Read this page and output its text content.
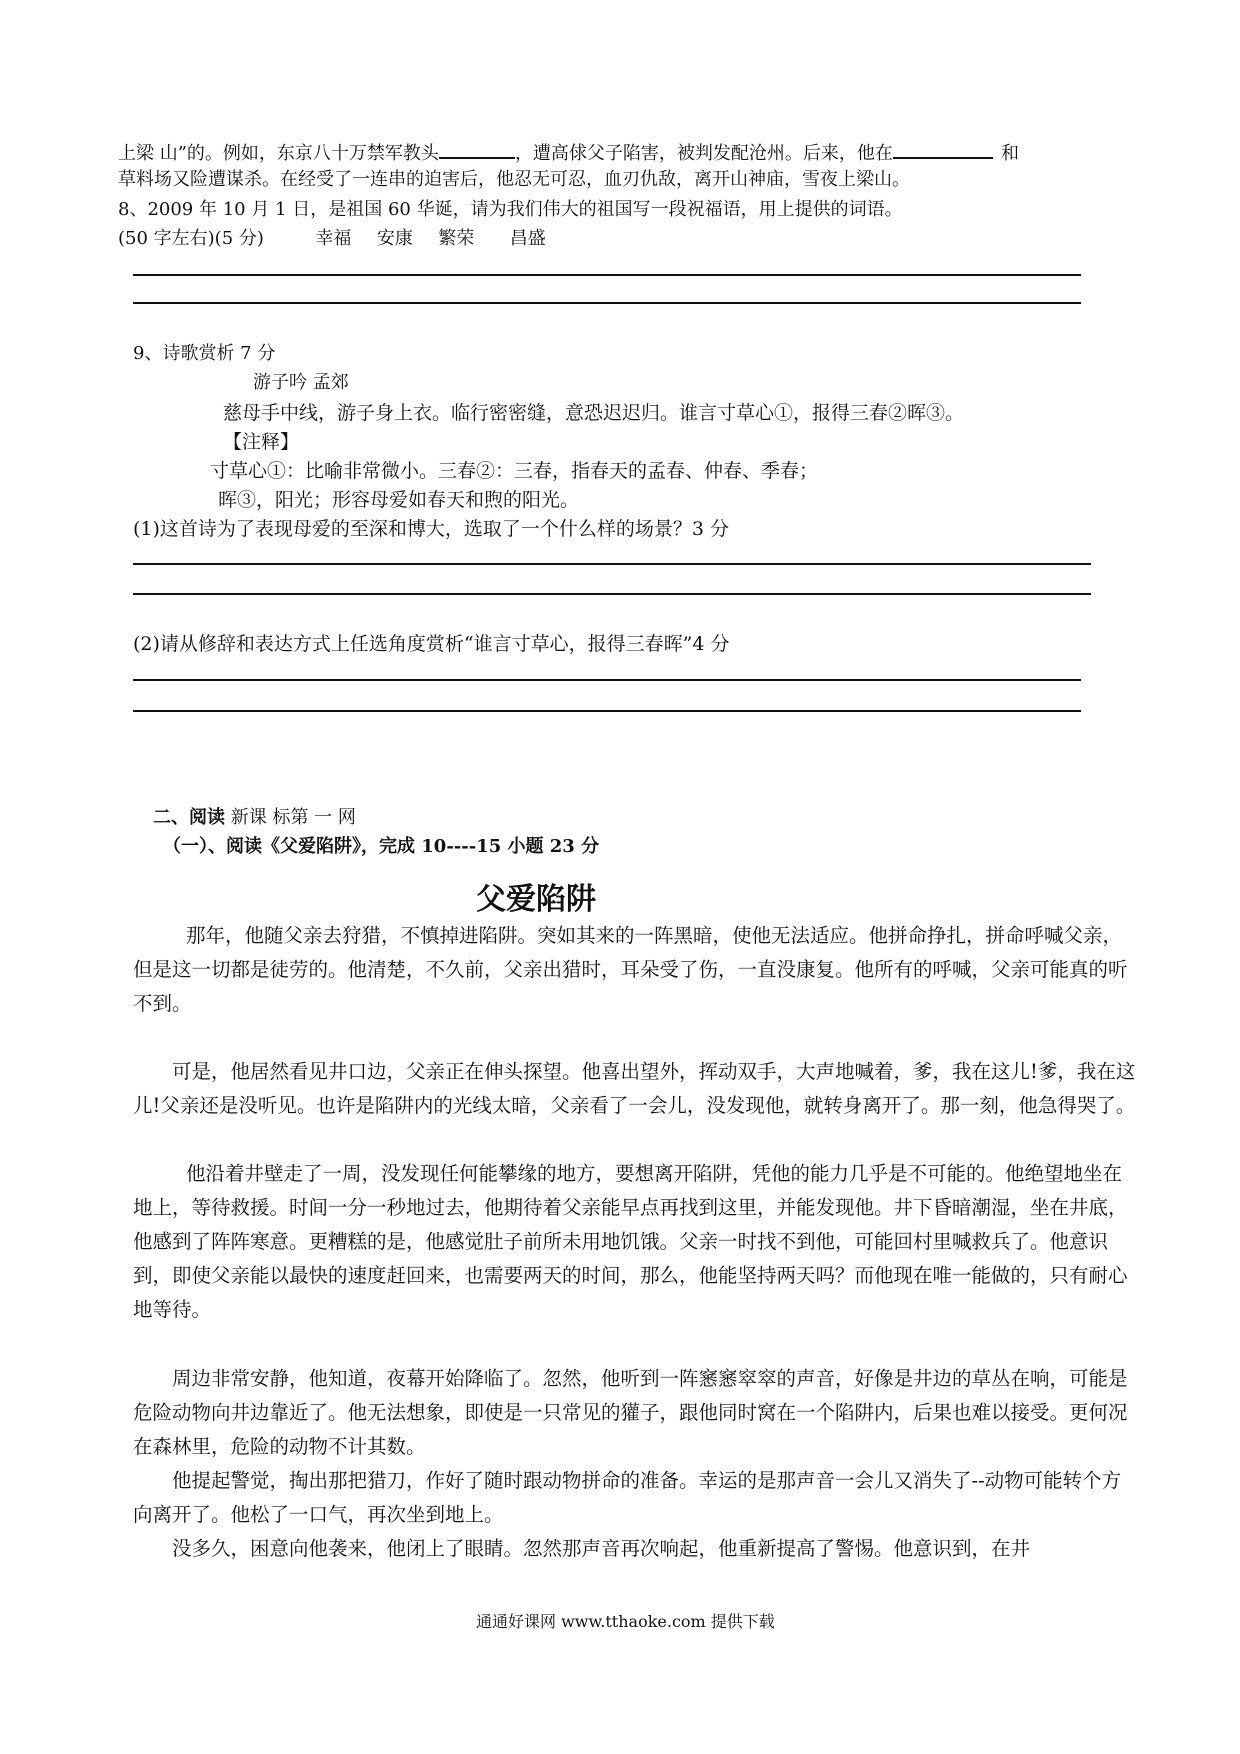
上梁 山”的。例如，东京八十万禁军教头	，遭高俅父子陷害，被判发配沧州。后来，他在	和
草料场又险遭谋杀。在经受了一连串的迫害后，他忍无可忍，血刃仇敌，离开山神庙，雪夜上梁山。
8、2009 年 10 月 1 日，是祖国 60 华诞，请为我们伟大的祖国写一段祝福语，用上提供的词语。
(50 字左右)(5 分)	幸福 安康 繁荣 昌盛
9、诗歌赏析 7 分
游子吟 孟郊
慈母手中线，游子身上衣。临行密密缝，意恐迟迟归。谁言寸草心①，报得三春②晖③。
【注释】
寸草心①：比喻非常微小。三春②：三春，指春天的孟春、仲春、季春；
晖③，阳光；形容母爱如春天和煦的阳光。
(1)这首诗为了表现母爱的至深和博大，选取了一个什么样的场景？3 分
(2)请从修辞和表达方式上任选角度赏析“谁言寸草心，报得三春晖”4 分
二、阅读 新课 标第 一 网
（一）、阅读《父爱陷阱》，完成 10----15 小题 23 分
父爱陷阱
那年，他随父亲去狩猎，不慎掉进陷阱。突如其来的一阵黑暗，使他无法适应。他拼命挣扎，拼命呼喊父亲，但是这一切都是徒劳的。他清楚，不久前，父亲出猎时，耳朵受了伤，一直没康复。他所有的呼喊，父亲可能真的听不到。
可是，他居然看见井口边，父亲正在伸头探望。他喜出望外，挥动双手，大声地喊着，爹，我在这儿!爹，我在这儿!父亲还是没听见。也许是陷阱内的光线太暗，父亲看了一会儿，没发现他，就转身离开了。那一刻，他急得哭了。
他沿着井壁走了一周，没发现任何能攀缘的地方，要想离开陷阱，凭他的能力几乎是不可能的。他绝望地坐在地上，等待救援。时间一分一秒地过去，他期待着父亲能早点再找到这里，并能发现他。井下昏暗潮湿，坐在井底，他感到了阵阵寒意。更糟糕的是，他感觉肚子前所未用地饥饿。父亲一时找不到他，可能回村里喊救兵了。他意识到，即使父亲能以最快的速度赶回来，也需要两天的时间，那么，他能坚持两天吗？而他现在唯一能做的，只有耐心地等待。
周边非常安静，他知道，夜幕开始降临了。忽然，他听到一阵窸窸窣窣的声音，好像是井边的草丛在响，可能是危险动物向井边靠近了。他无法想象，即使是一只常见的獾子，跟他同时窝在一个陷阱内，后果也难以接受。更何况在森林里，危险的动物不计其数。
他提起警觉，掏出那把猎刀，作好了随时跟动物拼命的准备。幸运的是那声音一会儿又消失了--动物可能转个方向离开了。他松了一口气，再次坐到地上。
没多久，困意向他袭来，他闭上了眼睛。忽然那声音再次响起，他重新提高了警惕。他意识到，在井
通通好课网 www.tthaoke.com 提供下载
